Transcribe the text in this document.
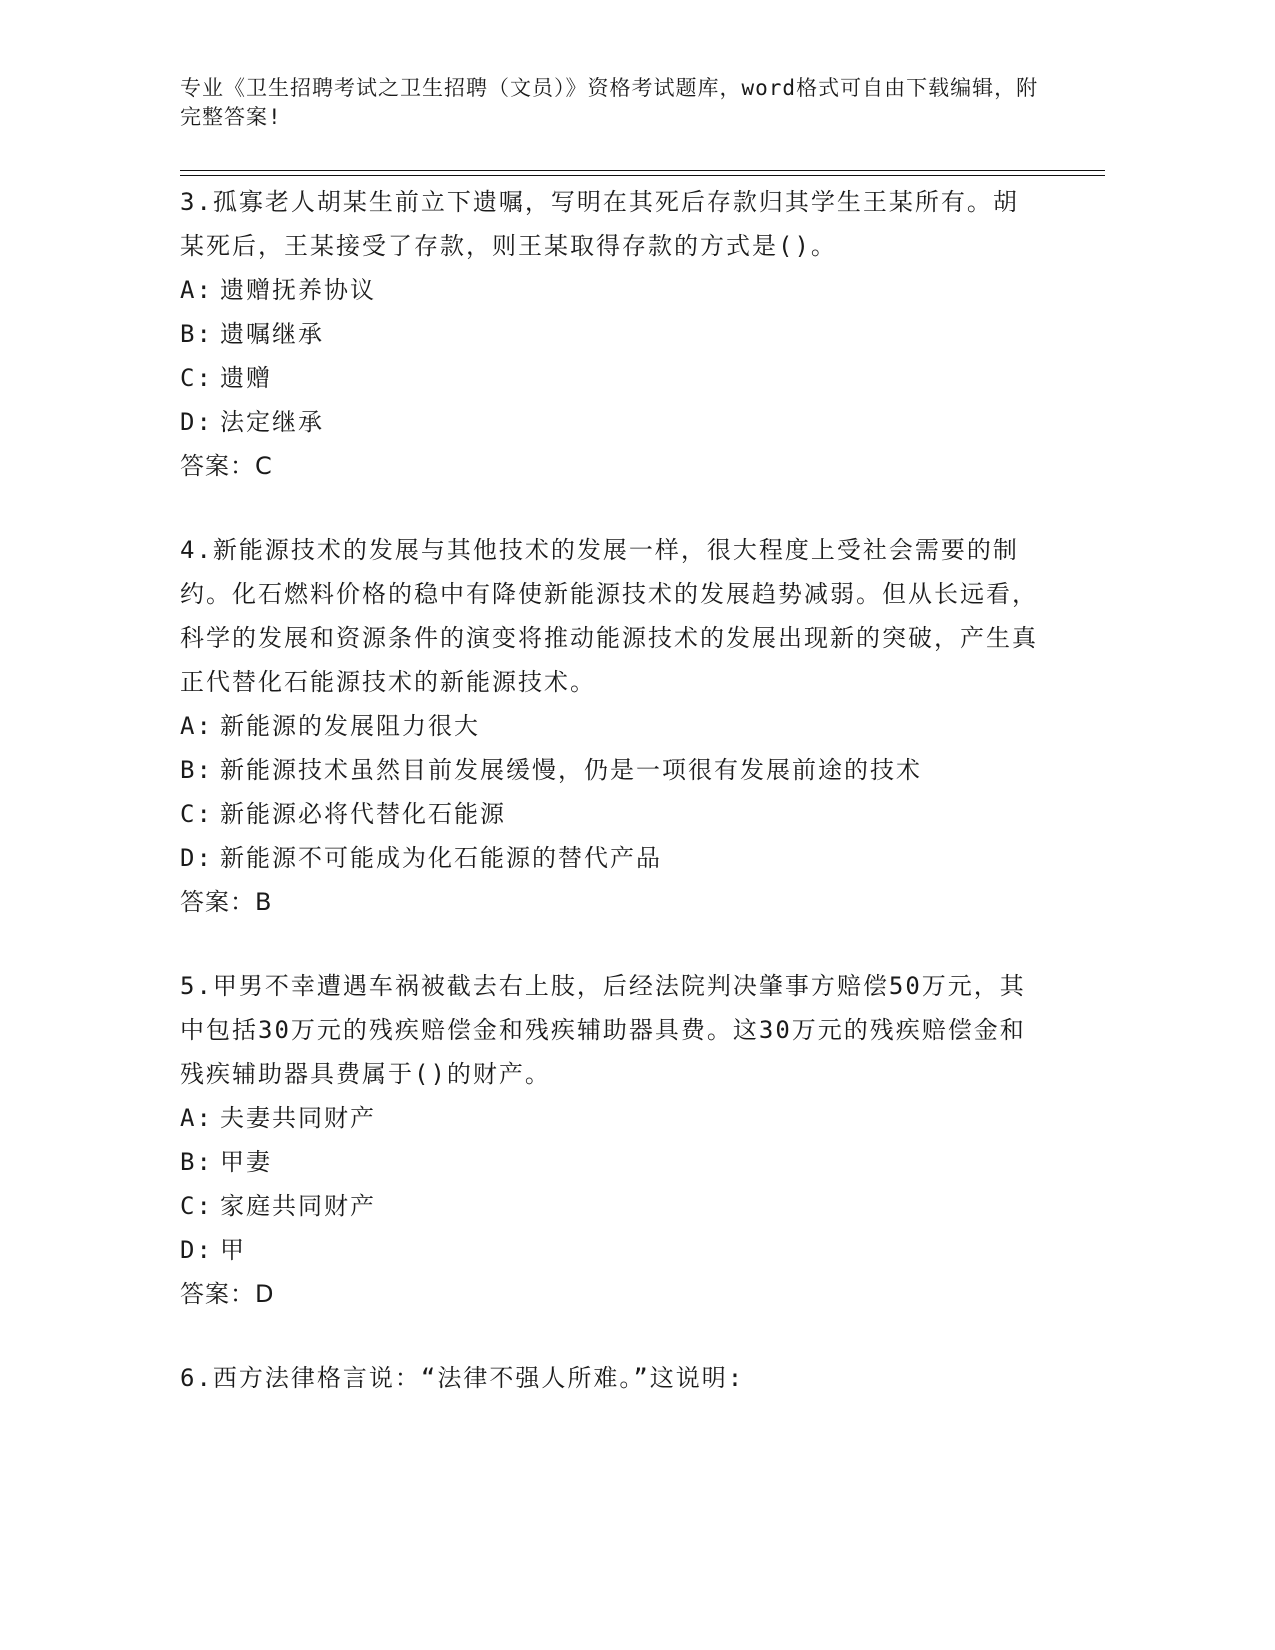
专业《卫生招聘考试之卫生招聘（文员）》资格考试题库，word格式可自由下载编辑，附完整答案!
3.孤寡老人胡某生前立下遗嘱，写明在其死后存款归其学生王某所有。胡某死后，王某接受了存款，则王某取得存款的方式是()。
A: 遗赠抚养协议
B: 遗嘱继承
C: 遗赠
D: 法定继承
答案：C
4.新能源技术的发展与其他技术的发展一样，很大程度上受社会需要的制约。化石燃料价格的稳中有降使新能源技术的发展趋势减弱。但从长远看，科学的发展和资源条件的演变将推动能源技术的发展出现新的突破，产生真正代替化石能源技术的新能源技术。
A: 新能源的发展阻力很大
B: 新能源技术虽然目前发展缓慢，仍是一项很有发展前途的技术
C: 新能源必将代替化石能源
D: 新能源不可能成为化石能源的替代产品
答案：B
5.甲男不幸遭遇车祸被截去右上肢，后经法院判决肇事方赔偿50万元，其中包括30万元的残疾赔偿金和残疾辅助器具费。这30万元的残疾赔偿金和残疾辅助器具费属于()的财产。
A: 夫妻共同财产
B: 甲妻
C: 家庭共同财产
D: 甲
答案：D
6.西方法律格言说：“法律不强人所难。”这说明:
